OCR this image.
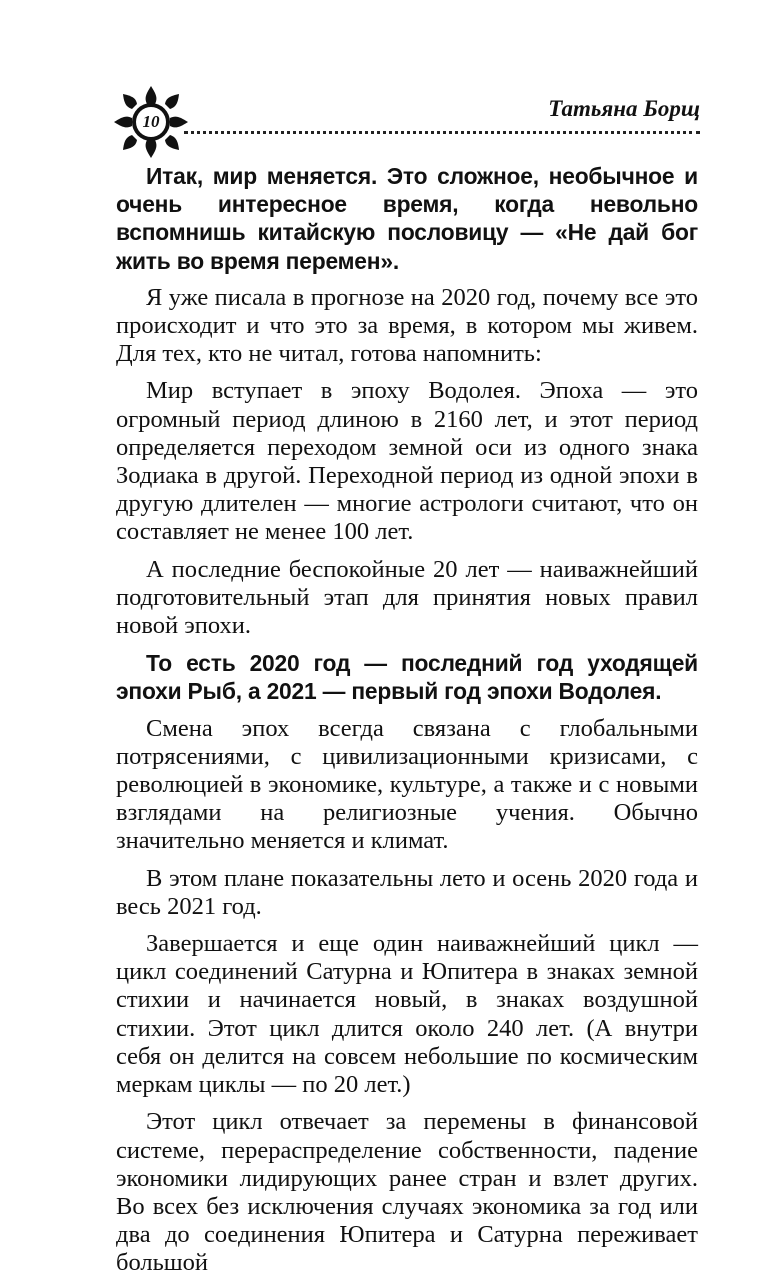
10
Татьяна Борщ

Итак, мир меняется. Это сложное, необычное и очень интересное время, когда невольно вспомнишь китайскую пословицу — «Не дай бог жить во время перемен».

Я уже писала в прогнозе на 2020 год, почему все это происходит и что это за время, в котором мы живем. Для тех, кто не читал, готова напомнить:

Мир вступает в эпоху Водолея. Эпоха — это огромный период длиною в 2160 лет, и этот период определяется переходом земной оси из одного знака Зодиака в другой. Переходной период из одной эпохи в другую длителен — многие астрологи считают, что он составляет не менее 100 лет.

А последние беспокойные 20 лет — наиважнейший подготовительный этап для принятия новых правил новой эпохи.

То есть 2020 год — последний год уходящей эпохи Рыб, а 2021 — первый год эпохи Водолея.

Смена эпох всегда связана с глобальными потрясениями, с цивилизационными кризисами, с революцией в экономике, культуре, а также и с новыми взглядами на религиозные учения. Обычно значительно меняется и климат.

В этом плане показательны лето и осень 2020 года и весь 2021 год.

Завершается и еще один наиважнейший цикл — цикл соединений Сатурна и Юпитера в знаках земной стихии и начинается новый, в знаках воздушной стихии. Этот цикл длится около 240 лет. (А внутри себя он делится на совсем небольшие по космическим меркам циклы — по 20 лет.)

Этот цикл отвечает за перемены в финансовой системе, перераспределение собственности, падение экономики лидирующих ранее стран и взлет других. Во всех без исключения случаях экономика за год или два до соединения Юпитера и Сатурна переживает большой
